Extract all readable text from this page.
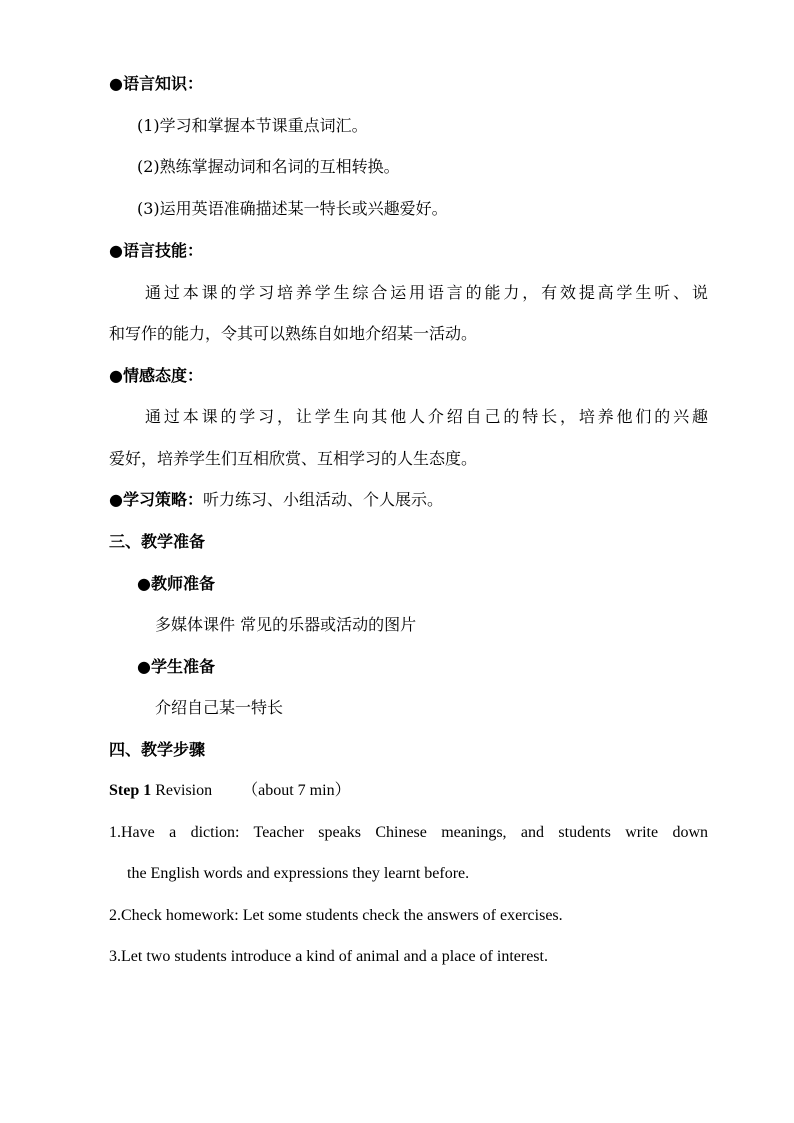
●语言知识：
(1)学习和掌握本节课重点词汇。
(2)熟练掌握动词和名词的互相转换。
(3)运用英语准确描述某一特长或兴趣爱好。
●语言技能：
通过本课的学习培养学生综合运用语言的能力，有效提高学生听、说
和写作的能力，令其可以熟练自如地介绍某一活动。
●情感态度：
通过本课的学习，让学生向其他人介绍自己的特长，培养他们的兴趣
爱好，培养学生们互相欣赏、互相学习的人生态度。
●学习策略：听力练习、小组活动、个人展示。
三、教学准备
●教师准备
多媒体课件 常见的乐器或活动的图片
●学生准备
介绍自己某一特长
四、教学步骤
Step 1 Revision （about 7 min）
1.Have a diction: Teacher speaks Chinese meanings, and students write down
the English words and expressions they learnt before.
2.Check homework: Let some students check the answers of exercises.
3.Let two students introduce a kind of animal and a place of interest.
